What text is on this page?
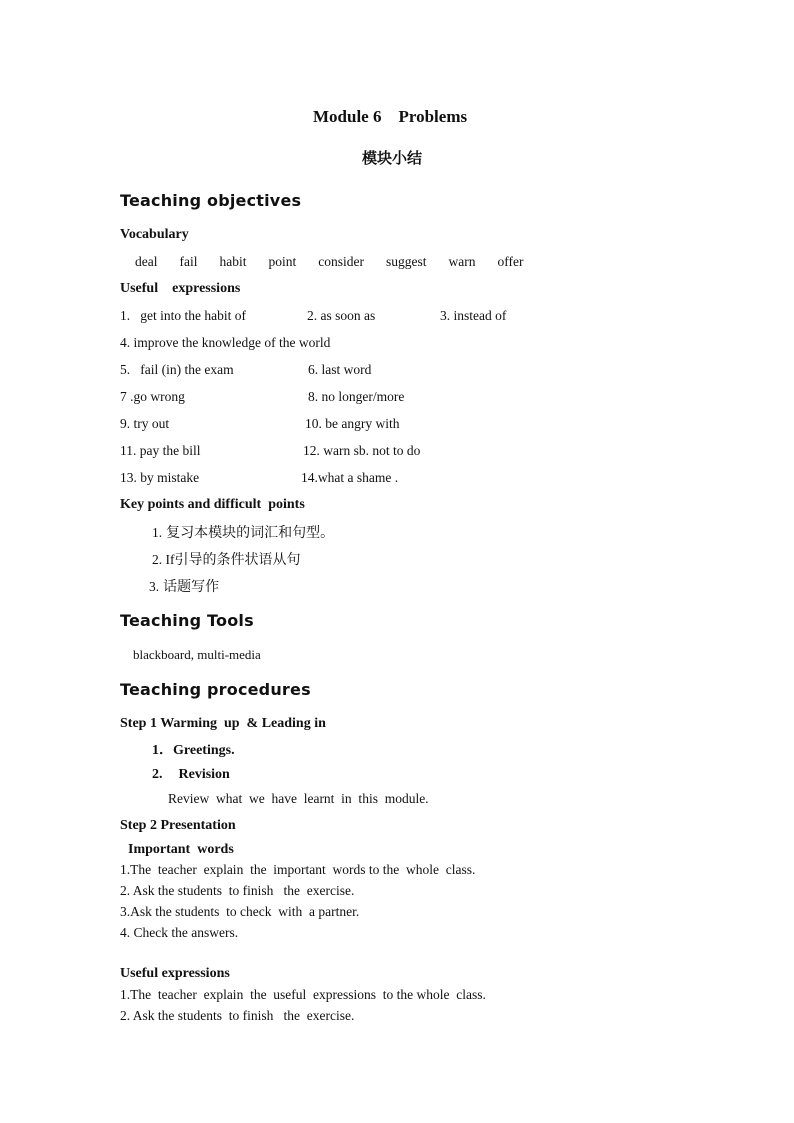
Module 6    Problems
模块小结
Teaching objectives
Vocabulary
deal fail habit point consider suggest warn offer
Useful    expressions
1.   get into the habit of	2. as soon as	3. instead of
4. improve the knowledge of the world
5.   fail (in) the exam	6. last word
7 .go wrong	8. no longer/more
9. try out	10. be angry with
11. pay the bill	12. warn sb. not to do
13. by mistake	14.what a shame .
Key points and difficult  points
1. 复习本模块的词汇和句型。
2. If引导的条件状语从句
3. 话题写作
Teaching Tools
blackboard, multi-media
Teaching procedures
Step 1 Warming  up  & Leading in
1．Greetings.
2. Revision
Review  what  we  have  learnt  in  this  module.
Step 2 Presentation
Important  words
1.The  teacher  explain  the  important  words to the  whole  class.
2. Ask the students  to finish   the  exercise.
3.Ask the students  to check  with  a partner.
4. Check the answers.
Useful expressions
1.The  teacher  explain  the  useful  expressions  to the whole  class.
2. Ask the students  to finish   the  exercise.
